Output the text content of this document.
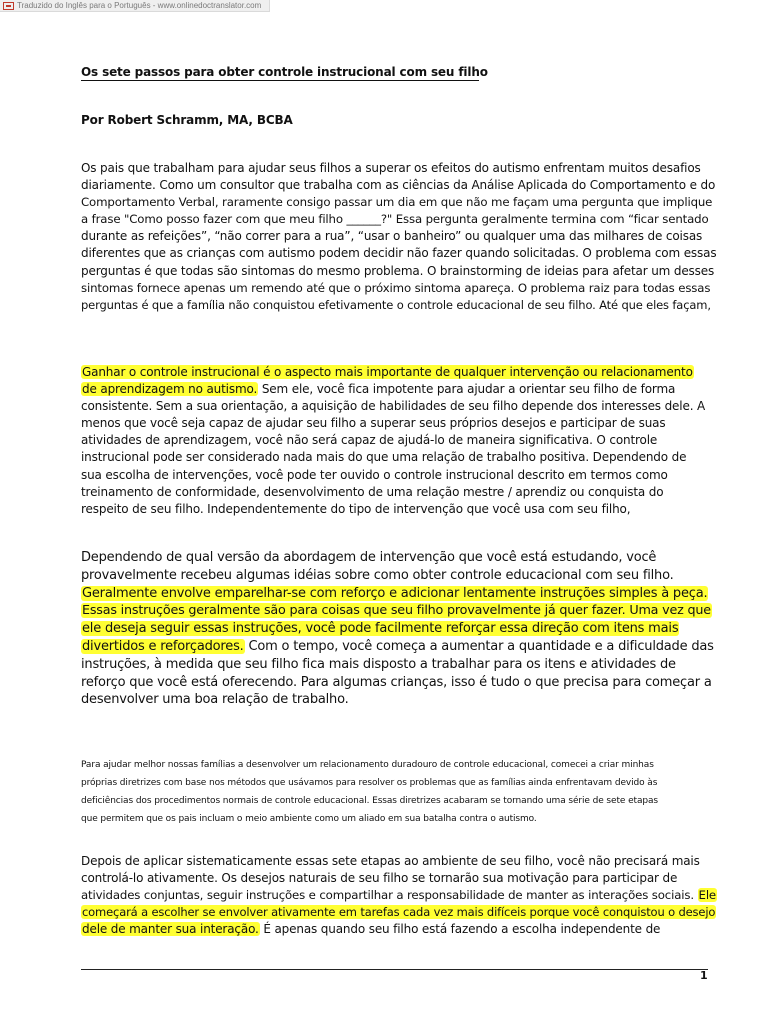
Traduzido do Inglês para o Português - www.onlinedoctranslator.com
Os sete passos para obter controle instrucional com seu filho

Por Robert Schramm, MA, BCBA

Os pais que trabalham para ajudar seus filhos a superar os efeitos do autismo enfrentam muitos desafios
diariamente. Como um consultor que trabalha com as ciências da Análise Aplicada do Comportamento e do
Comportamento Verbal, raramente consigo passar um dia em que não me façam uma pergunta que implique
a frase "Como posso fazer com que meu filho ______?" Essa pergunta geralmente termina com “ficar sentado
durante as refeições”, “não correr para a rua”, “usar o banheiro” ou qualquer uma das milhares de coisas
diferentes que as crianças com autismo podem decidir não fazer quando solicitadas. O problema com essas
perguntas é que todas são sintomas do mesmo problema. O brainstorming de ideias para afetar um desses
sintomas fornece apenas um remendo até que o próximo sintoma apareça. O problema raiz para todas essas
perguntas é que a família não conquistou efetivamente o controle educacional de seu filho. Até que eles façam,
Ganhar o controle instrucional é o aspecto mais importante de qualquer intervenção ou relacionamento
de aprendizagem no autismo. Sem ele, você fica impotente para ajudar a orientar seu filho de forma
consistente. Sem a sua orientação, a aquisição de habilidades de seu filho depende dos interesses dele. A
menos que você seja capaz de ajudar seu filho a superar seus próprios desejos e participar de suas
atividades de aprendizagem, você não será capaz de ajudá-lo de maneira significativa. O controle
instrucional pode ser considerado nada mais do que uma relação de trabalho positiva. Dependendo de
sua escolha de intervenções, você pode ter ouvido o controle instrucional descrito em termos como
treinamento de conformidade, desenvolvimento de uma relação mestre / aprendiz ou conquista do
respeito de seu filho. Independentemente do tipo de intervenção que você usa com seu filho,
Dependendo de qual versão da abordagem de intervenção que você está estudando, você
provavelmente recebeu algumas idéias sobre como obter controle educacional com seu filho.
Geralmente envolve emparelhar-se com reforço e adicionar lentamente instruções simples à peça.
Essas instruções geralmente são para coisas que seu filho provavelmente já quer fazer. Uma vez que
ele deseja seguir essas instruções, você pode facilmente reforçar essa direção com itens mais
divertidos e reforçadores. Com o tempo, você começa a aumentar a quantidade e a dificuldade das
instruções, à medida que seu filho fica mais disposto a trabalhar para os itens e atividades de
reforço que você está oferecendo. Para algumas crianças, isso é tudo o que precisa para começar a
desenvolver uma boa relação de trabalho.
Para ajudar melhor nossas famílias a desenvolver um relacionamento duradouro de controle educacional, comecei a criar minhas
próprias diretrizes com base nos métodos que usávamos para resolver os problemas que as famílias ainda enfrentavam devido às
deficiências dos procedimentos normais de controle educacional. Essas diretrizes acabaram se tornando uma série de sete etapas
que permitem que os pais incluam o meio ambiente como um aliado em sua batalha contra o autismo.
Depois de aplicar sistematicamente essas sete etapas ao ambiente de seu filho, você não precisará mais
controlá-lo ativamente. Os desejos naturais de seu filho se tornarão sua motivação para participar de
atividades conjuntas, seguir instruções e compartilhar a responsabilidade de manter as interações sociais. Ele
começará a escolher se envolver ativamente em tarefas cada vez mais difíceis porque você conquistou o desejo
dele de manter sua interação. É apenas quando seu filho está fazendo a escolha independente de
1
